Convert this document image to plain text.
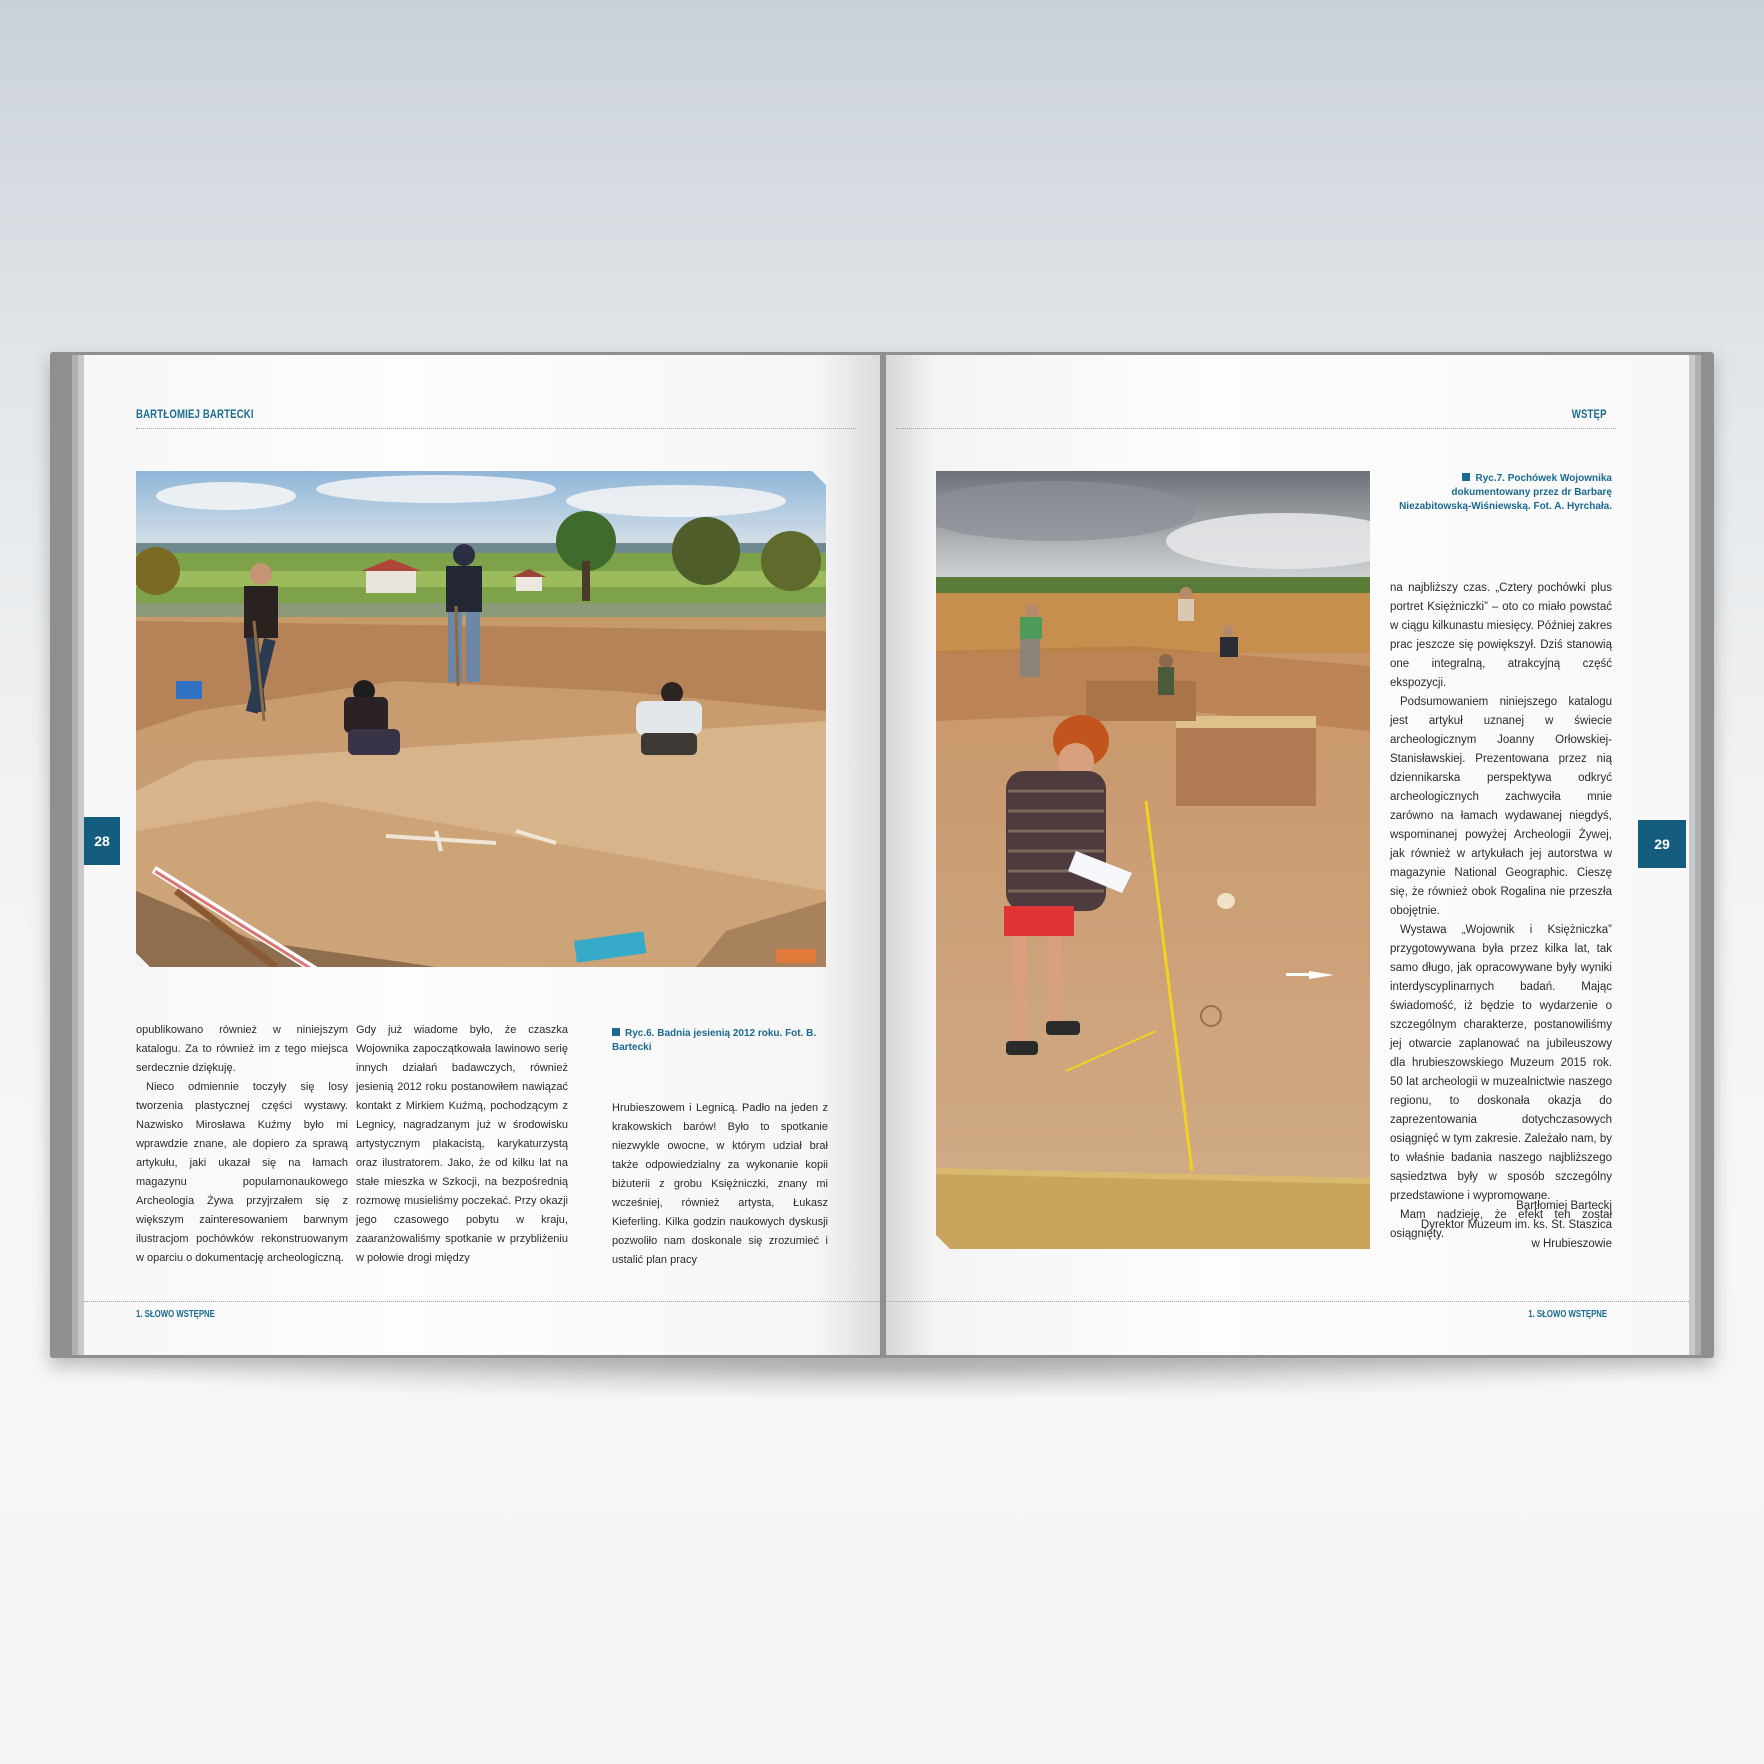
BARTŁOMIEJ BARTECKI

opublikowano również w niniejszym katalogu. Za to również im z tego miejsca serdecznie dziękuję.

Nieco odmiennie toczyły się losy tworzenia plastycznej części wystawy. Nazwisko Mirosława Kuźmy było mi wprawdzie znane, ale dopiero za sprawą artykułu, jaki ukazał się na łamach magazynu popularnonaukowego Archeologia Żywa przyjrzałem się z większym zainteresowaniem barwnym ilustracjom pochówków rekonstruowanym w oparciu o dokumentację archeologiczną.

Gdy już wiadome było, że czaszka Wojownika zapoczątkowała lawinowo serię innych działań badawczych, również jesienią 2012 roku postanowiłem nawiązać kontakt z Mirkiem Kuźmą, pochodzącym z Legnicy, nagradzanym już w środowisku artystycznym plakacistą, karykaturzystą oraz ilustratorem. Jako, że od kilku lat na stałe mieszka w Szkocji, na bezpośrednią rozmowę musieliśmy poczekać. Przy okazji jego czasowego pobytu w kraju, zaaranżowaliśmy spotkanie w przybliżeniu w połowie drogi między

Ryc.6. Badnia jesienią 2012 roku. Fot. B. Bartecki

Hrubieszowem i Legnicą. Padło na jeden z krakowskich barów! Było to spotkanie niezwykle owocne, w którym udział brał także odpowiedzialny za wykonanie kopii biżuterii z grobu Księżniczki, znany mi wcześniej, również artysta, Łukasz Kieferling. Kilka godzin naukowych dyskusji pozwoliło nam doskonale się zrozumieć i ustalić plan pracy

1. SŁOWO WSTĘPNE
28
WSTĘP
Ryc.7. Pochówek Wojownika dokumentowany przez dr Barbarę Niezabitowską-Wiśniewską. Fot. A. Hyrchała.

na najbliższy czas. „Cztery pochówki plus portret Księżniczki” – oto co miało powstać w ciągu kilkunastu miesięcy. Później zakres prac jeszcze się powiększył. Dziś stanowią one integralną, atrakcyjną część ekspozycji.

Podsumowaniem niniejszego katalogu jest artykuł uznanej w świecie archeologicznym Joanny Orłowskiej-Stanisławskiej. Prezentowana przez nią dziennikarska perspektywa odkryć archeologicznych zachwyciła mnie zarówno na łamach wydawanej niegdyś, wspominanej powyżej Archeologii Żywej, jak również w artykułach jej autorstwa w magazynie National Geographic. Cieszę się, że również obok Rogalina nie przeszła obojętnie.

Wystawa „Wojownik i Księżniczka” przygotowywana była przez kilka lat, tak samo długo, jak opracowywane były wyniki interdyscyplinarnych badań. Mając świadomość, iż będzie to wydarzenie o szczególnym charakterze, postanowiliśmy jej otwarcie zaplanować na jubileuszowy dla hrubieszowskiego Muzeum 2015 rok. 50 lat archeologii w muzealnictwie naszego regionu, to doskonała okazja do zaprezentowania dotychczasowych osiągnięć w tym zakresie. Zależało nam, by to właśnie badania naszego najbliższego sąsiedztwa były w sposób szczególny przedstawione i wypromowane.

Mam nadzieję, że efekt ten został osiągnięty.

Bartłomiej Bartecki
Dyrektor Muzeum im. ks. St. Staszica
w Hrubieszowie
1. SŁOWO WSTĘPNE
29
